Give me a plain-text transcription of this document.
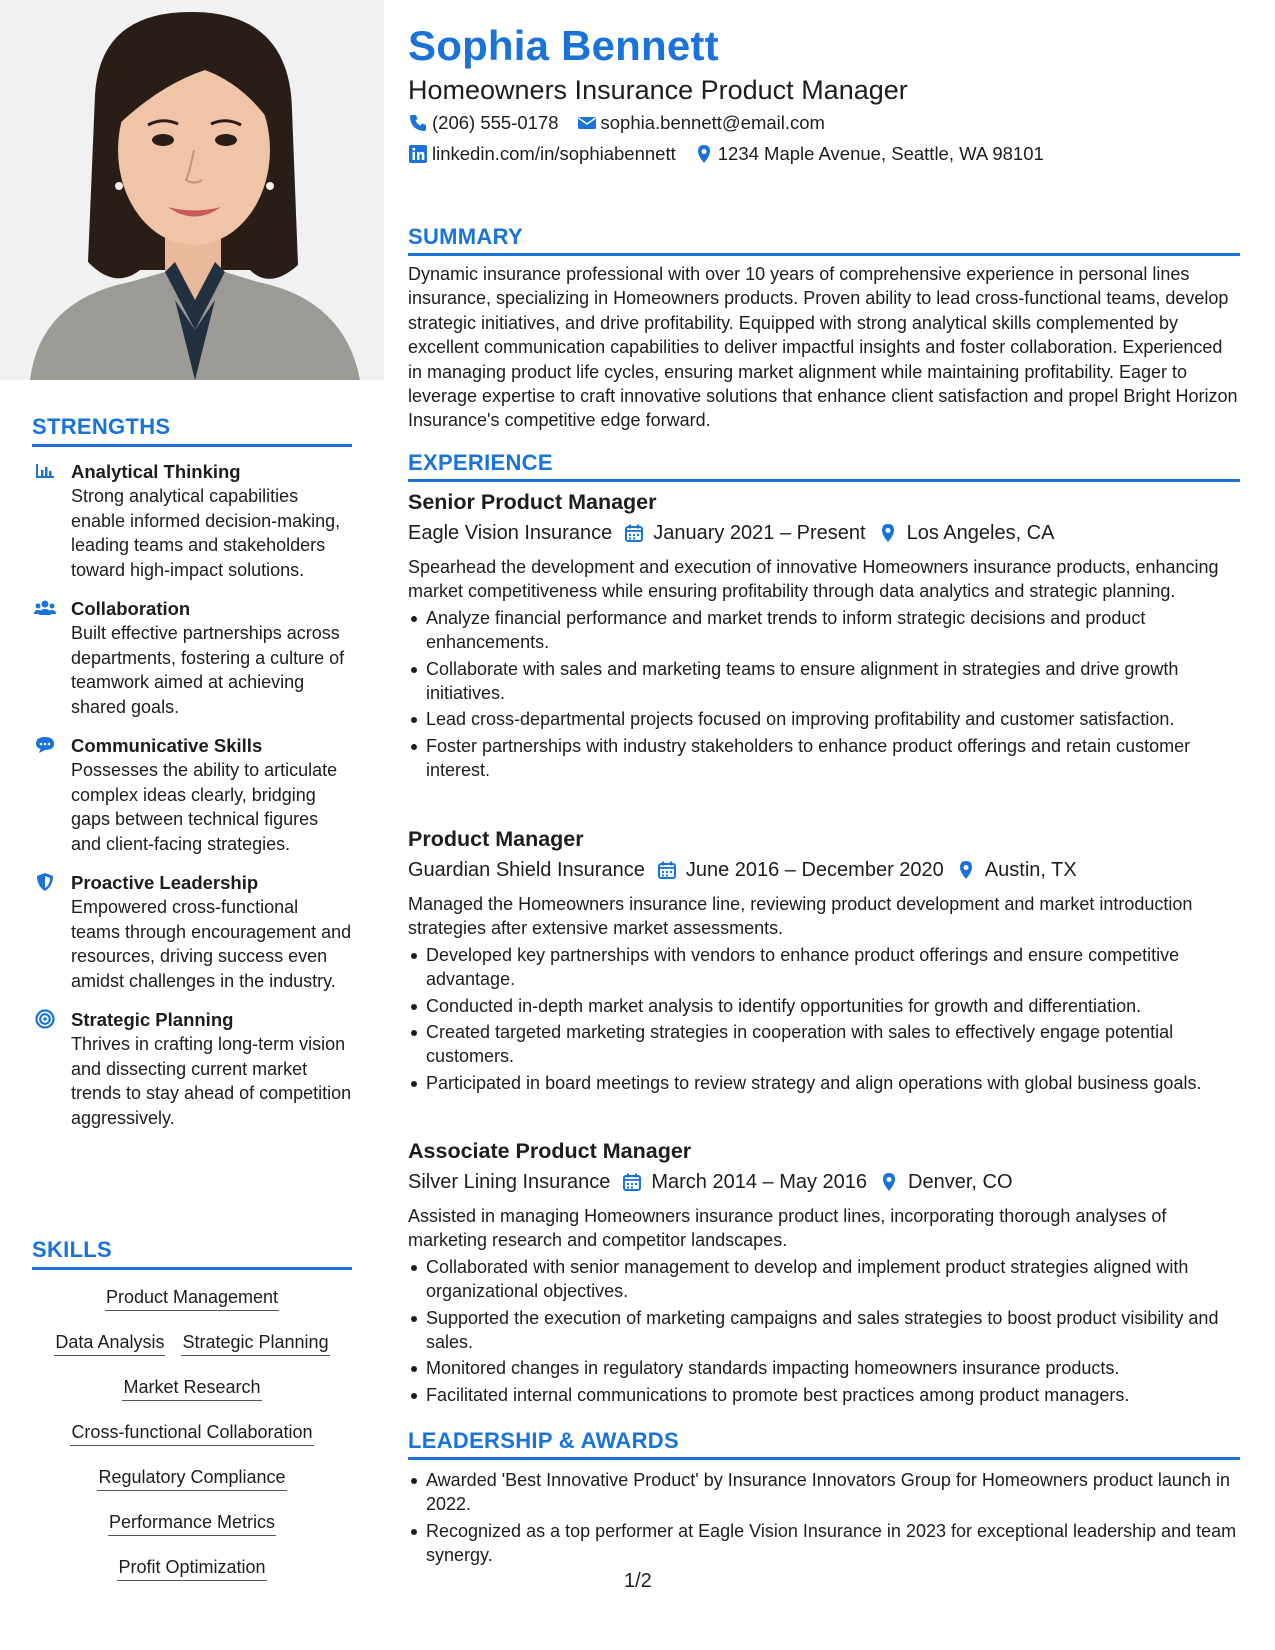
STRENGTHS
Analytical Thinking
Strong analytical capabilities enable informed decision-making, leading teams and stakeholders toward high-impact solutions.
Collaboration
Built effective partnerships across departments, fostering a culture of teamwork aimed at achieving shared goals.
Communicative Skills
Possesses the ability to articulate complex ideas clearly, bridging gaps between technical figures and client-facing strategies.
Proactive Leadership
Empowered cross-functional teams through encouragement and resources, driving success even amidst challenges in the industry.
Strategic Planning
Thrives in crafting long-term vision and dissecting current market trends to stay ahead of competition aggressively.
SKILLS
Product Management
Data Analysis Strategic Planning
Market Research
Cross-functional Collaboration
Regulatory Compliance
Performance Metrics
Profit Optimization
Sophia Bennett
Homeowners Insurance Product Manager
(206) 555-0178 sophia.bennett@email.com
linkedin.com/in/sophiabennett 1234 Maple Avenue, Seattle, WA 98101
SUMMARY
Dynamic insurance professional with over 10 years of comprehensive experience in personal lines insurance, specializing in Homeowners products. Proven ability to lead cross-functional teams, develop strategic initiatives, and drive profitability. Equipped with strong analytical skills complemented by excellent communication capabilities to deliver impactful insights and foster collaboration. Experienced in managing product life cycles, ensuring market alignment while maintaining profitability. Eager to leverage expertise to craft innovative solutions that enhance client satisfaction and propel Bright Horizon Insurance's competitive edge forward.
EXPERIENCE
Senior Product Manager
Eagle Vision Insurance January 2021 – Present Los Angeles, CA
Spearhead the development and execution of innovative Homeowners insurance products, enhancing market competitiveness while ensuring profitability through data analytics and strategic planning.
Analyze financial performance and market trends to inform strategic decisions and product enhancements.
Collaborate with sales and marketing teams to ensure alignment in strategies and drive growth initiatives.
Lead cross-departmental projects focused on improving profitability and customer satisfaction.
Foster partnerships with industry stakeholders to enhance product offerings and retain customer interest.
Product Manager
Guardian Shield Insurance June 2016 – December 2020 Austin, TX
Managed the Homeowners insurance line, reviewing product development and market introduction strategies after extensive market assessments.
Developed key partnerships with vendors to enhance product offerings and ensure competitive advantage.
Conducted in-depth market analysis to identify opportunities for growth and differentiation.
Created targeted marketing strategies in cooperation with sales to effectively engage potential customers.
Participated in board meetings to review strategy and align operations with global business goals.
Associate Product Manager
Silver Lining Insurance March 2014 – May 2016 Denver, CO
Assisted in managing Homeowners insurance product lines, incorporating thorough analyses of marketing research and competitor landscapes.
Collaborated with senior management to develop and implement product strategies aligned with organizational objectives.
Supported the execution of marketing campaigns and sales strategies to boost product visibility and sales.
Monitored changes in regulatory standards impacting homeowners insurance products.
Facilitated internal communications to promote best practices among product managers.
LEADERSHIP & AWARDS
Awarded 'Best Innovative Product' by Insurance Innovators Group for Homeowners product launch in 2022.
Recognized as a top performer at Eagle Vision Insurance in 2023 for exceptional leadership and team synergy.
1/2
